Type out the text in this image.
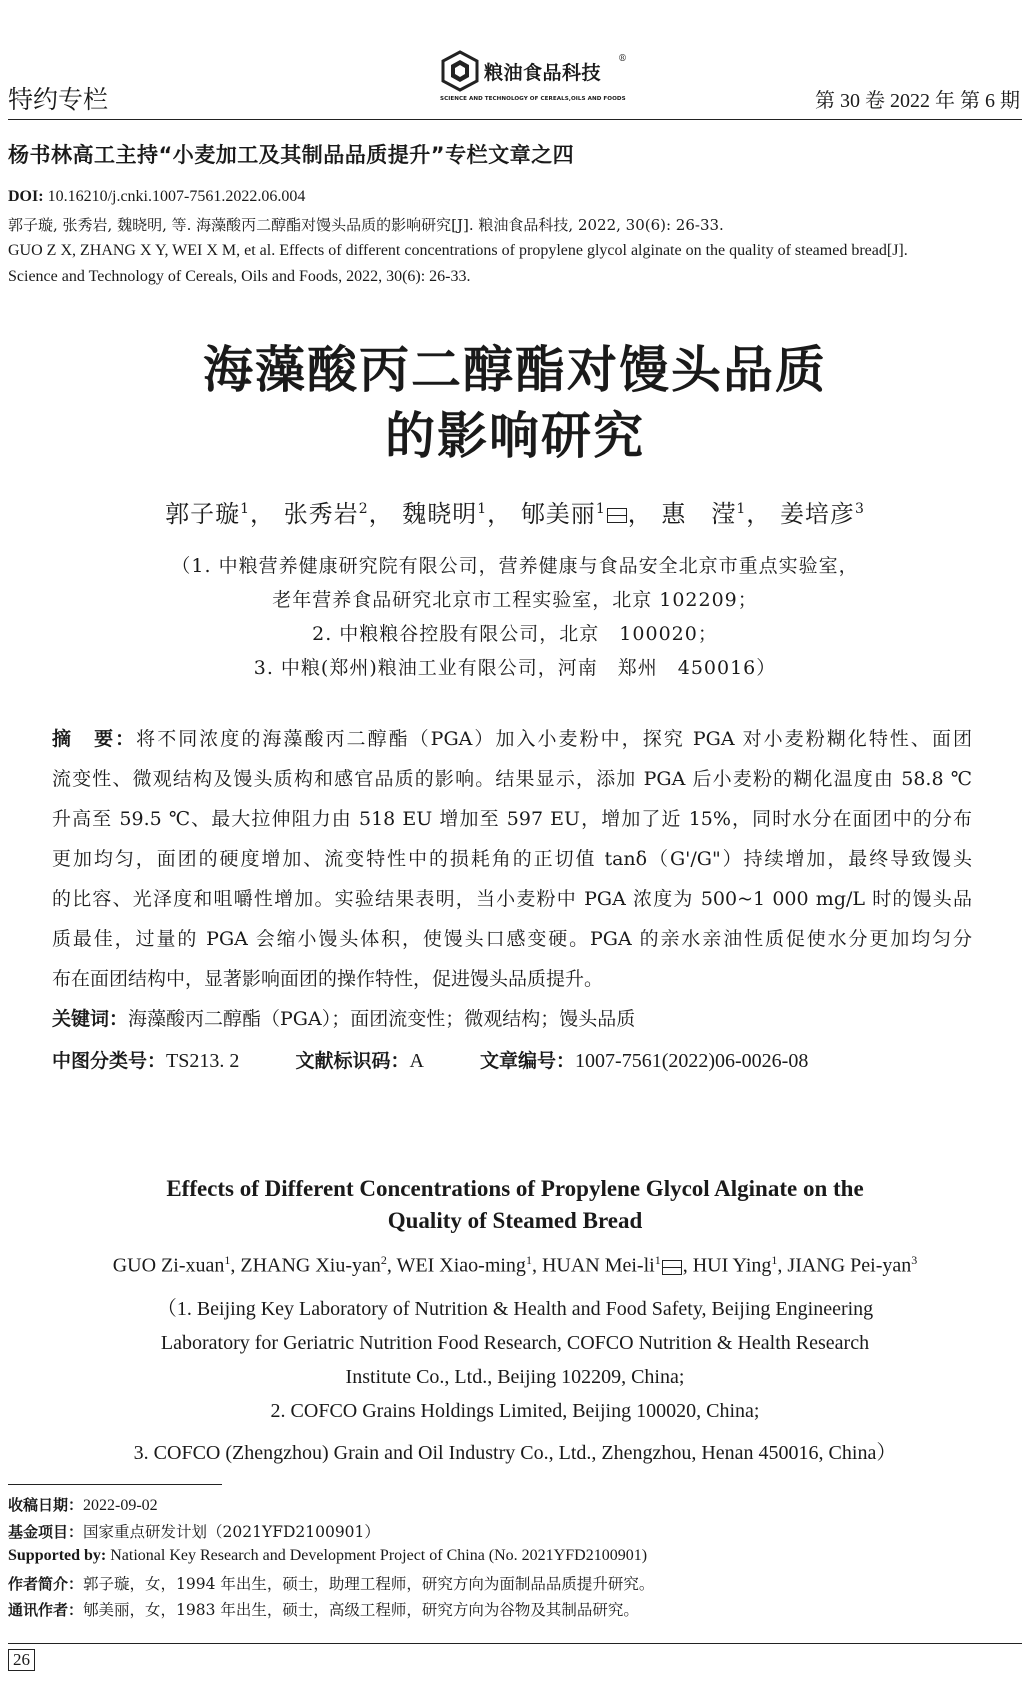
特约专栏
粮油食品科技
®
SCIENCE AND TECHNOLOGY OF CEREALS,OILS AND FOODS	第 30 卷 2022 年 第 6 期
杨书林高工主持“小麦加工及其制品品质提升”专栏文章之四
DOI: 10.16210/j.cnki.1007-7561.2022.06.004
郭子璇, 张秀岩, 魏晓明, 等. 海藻酸丙二醇酯对馒头品质的影响研究[J]. 粮油食品科技, 2022, 30(6): 26-33.
GUO Z X, ZHANG X Y, WEI X M, et al. Effects of different concentrations of propylene glycol alginate on the quality of steamed bread[J].
Science and Technology of Cereals, Oils and Foods, 2022, 30(6): 26-33.
海藻酸丙二醇酯对馒头品质
的影响研究
郭子璇$^1$， 张秀岩$^2$， 魏晓明$^1$， 郇美丽$^1$ ， 惠　滢$^1$， 姜培彦$^3$
（1. 中粮营养健康研究院有限公司，营养健康与食品安全北京市重点实验室，
老年营养食品研究北京市工程实验室，北京 102209；
2. 中粮粮谷控股有限公司，北京　100020；
3. 中粮(郑州)粮油工业有限公司，河南　郑州　450016）
摘　要：将不同浓度的海藻酸丙二醇酯（PGA）加入小麦粉中，探究 PGA 对小麦粉糊化特性、面团
流变性、微观结构及馒头质构和感官品质的影响。结果显示，添加 PGA 后小麦粉的糊化温度由 58.8 ℃
升高至 59.5 ℃、最大拉伸阻力由 518 EU 增加至 597 EU，增加了近 15%，同时水分在面团中的分布
更加均匀，面团的硬度增加、流变特性中的损耗角的正切值 tanδ（G'/G"）持续增加，最终导致馒头
的比容、光泽度和咀嚼性增加。实验结果表明，当小麦粉中 PGA 浓度为 500~1 000 mg/L 时的馒头品
质最佳，过量的 PGA 会缩小馒头体积，使馒头口感变硬。PGA 的亲水亲油性质促使水分更加均匀分
布在面团结构中，显著影响面团的操作特性，促进馒头品质提升。
关键词：海藻酸丙二醇酯（PGA）；面团流变性；微观结构；馒头品质
中图分类号：TS213. 2	文献标识码：A	文章编号：1007-7561(2022)06-0026-08
Effects of Different Concentrations of Propylene Glycol Alginate on the
Quality of Steamed Bread
GUO Zi-xuan$^1$, ZHANG Xiu-yan$^2$, WEI Xiao-ming$^1$, HUAN Mei-$li^1$ , HUI Ying$^1$, JIANG Pei-yan$^3$
（1. Beijing Key Laboratory of Nutrition & Health and Food Safety, Beijing Engineering
Laboratory for Geriatric Nutrition Food Research, COFCO Nutrition & Health Research
Institute Co., Ltd., Beijing 102209, China;
2. COFCO Grains Holdings Limited, Beijing 100020, China;
3. COFCO (Zhengzhou) Grain and Oil Industry Co., Ltd., Zhengzhou, Henan 450016, China）
收稿日期：2022-09-02
基金项目：国家重点研发计划（2021YFD2100901）
Supported by: National Key Research and Development Project of China (No. 2021YFD2100901)
作者简介：郭子璇，女，1994 年出生，硕士，助理工程师，研究方向为面制品品质提升研究。
通讯作者：郇美丽，女，1983 年出生，硕士，高级工程师，研究方向为谷物及其制品研究。
26
